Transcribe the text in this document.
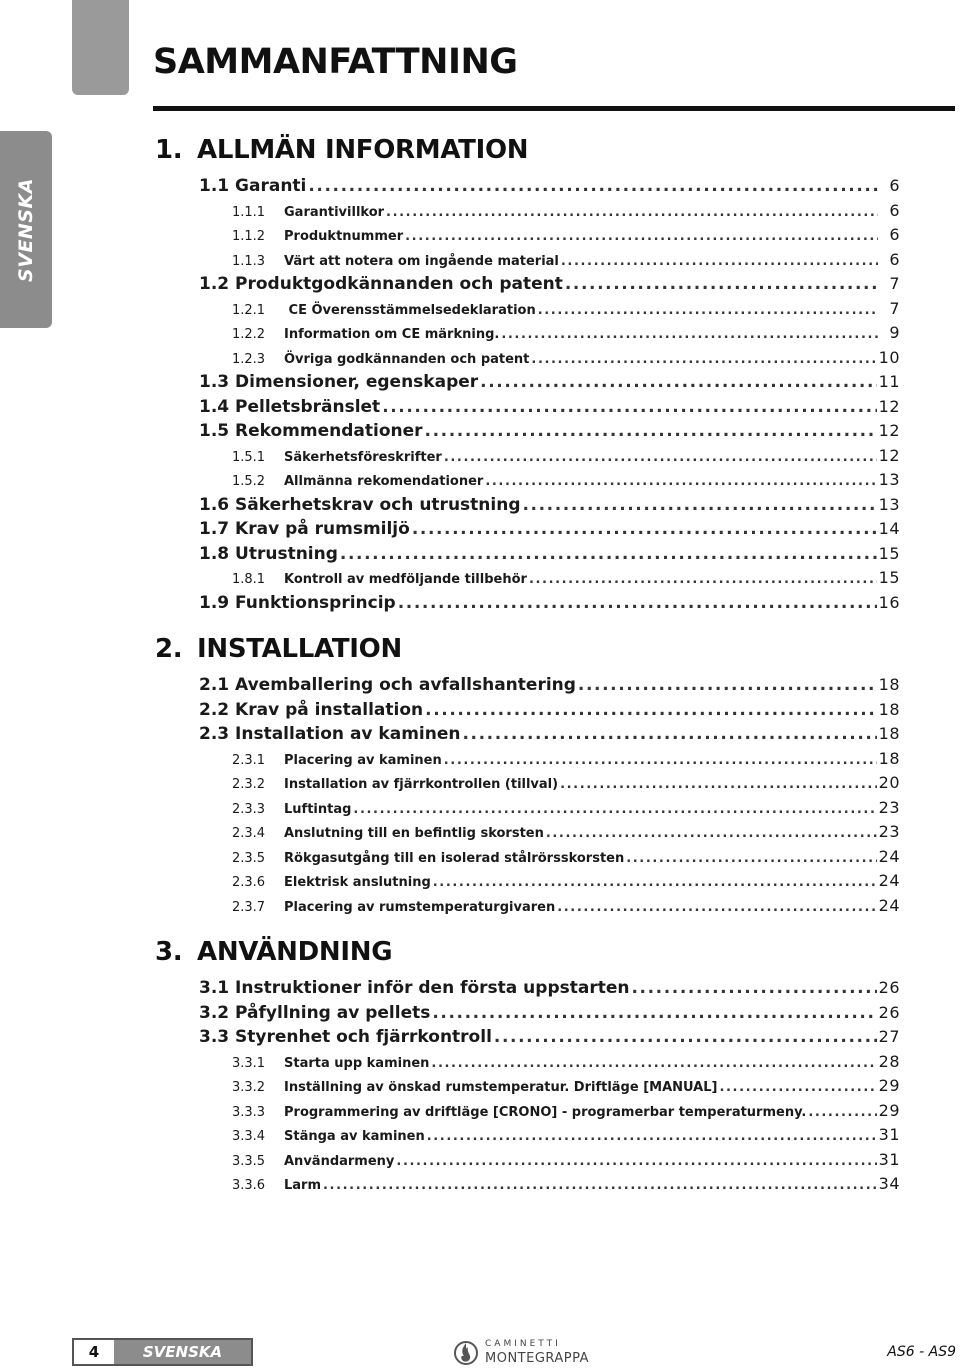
SAMMANFATTNING
SVENSKA
1. ALLMÄN INFORMATION
1.1 Garanti .....	6
1.1.1 Garantivillkor .....	6
1.1.2 Produktnummer .....	6
1.1.3 Värt att notera om ingående material .....	6
1.2 Produktgodkännanden och patent .....	7
1.2.1 CE Överensstämmelsedeklaration .....	7
1.2.2 Information om CE märkning. .....	9
1.2.3 Övriga godkännanden och patent .....	10
1.3 Dimensioner, egenskaper .....	11
1.4 Pelletsbränslet .....	12
1.5 Rekommendationer .....	12
1.5.1 Säkerhetsföreskrifter .....	12
1.5.2 Allmänna rekomendationer .....	13
1.6 Säkerhetskrav och utrustning .....	13
1.7 Krav på rumsmiljö .....	14
1.8 Utrustning .....	15
1.8.1 Kontroll av medföljande tillbehör .....	15
1.9 Funktionsprincip .....	16
2. INSTALLATION
2.1 Avemballering och avfallshantering .....	18
2.2 Krav på installation .....	18
2.3 Installation av kaminen .....	18
2.3.1 Placering av kaminen .....	18
2.3.2 Installation av fjärrkontrollen (tillval) .....	20
2.3.3 Luftintag .....	23
2.3.4 Anslutning till en befintlig skorsten .....	23
2.3.5 Rökgasutgång till en isolerad stålrörsskorsten .....	24
2.3.6 Elektrisk anslutning .....	24
2.3.7 Placering av rumstemperaturgivaren .....	24
3. ANVÄNDNING
3.1 Instruktioner inför den första uppstarten .....	26
3.2 Påfyllning av pellets .....	26
3.3 Styrenhet och fjärrkontroll .....	27
3.3.1 Starta upp kaminen .....	28
3.3.2 Inställning av önskad rumstemperatur. Driftläge [MANUAL] .....	29
3.3.3 Programmering av driftläge [CRONO] - programerbar temperaturmeny. .....	29
3.3.4 Stänga av kaminen .....	31
3.3.5 Användarmeny .....	31
3.3.6 Larm .....	34
4	SVENSKA	CAMINETTI
MONTEGRAPPA	AS6 - AS9
